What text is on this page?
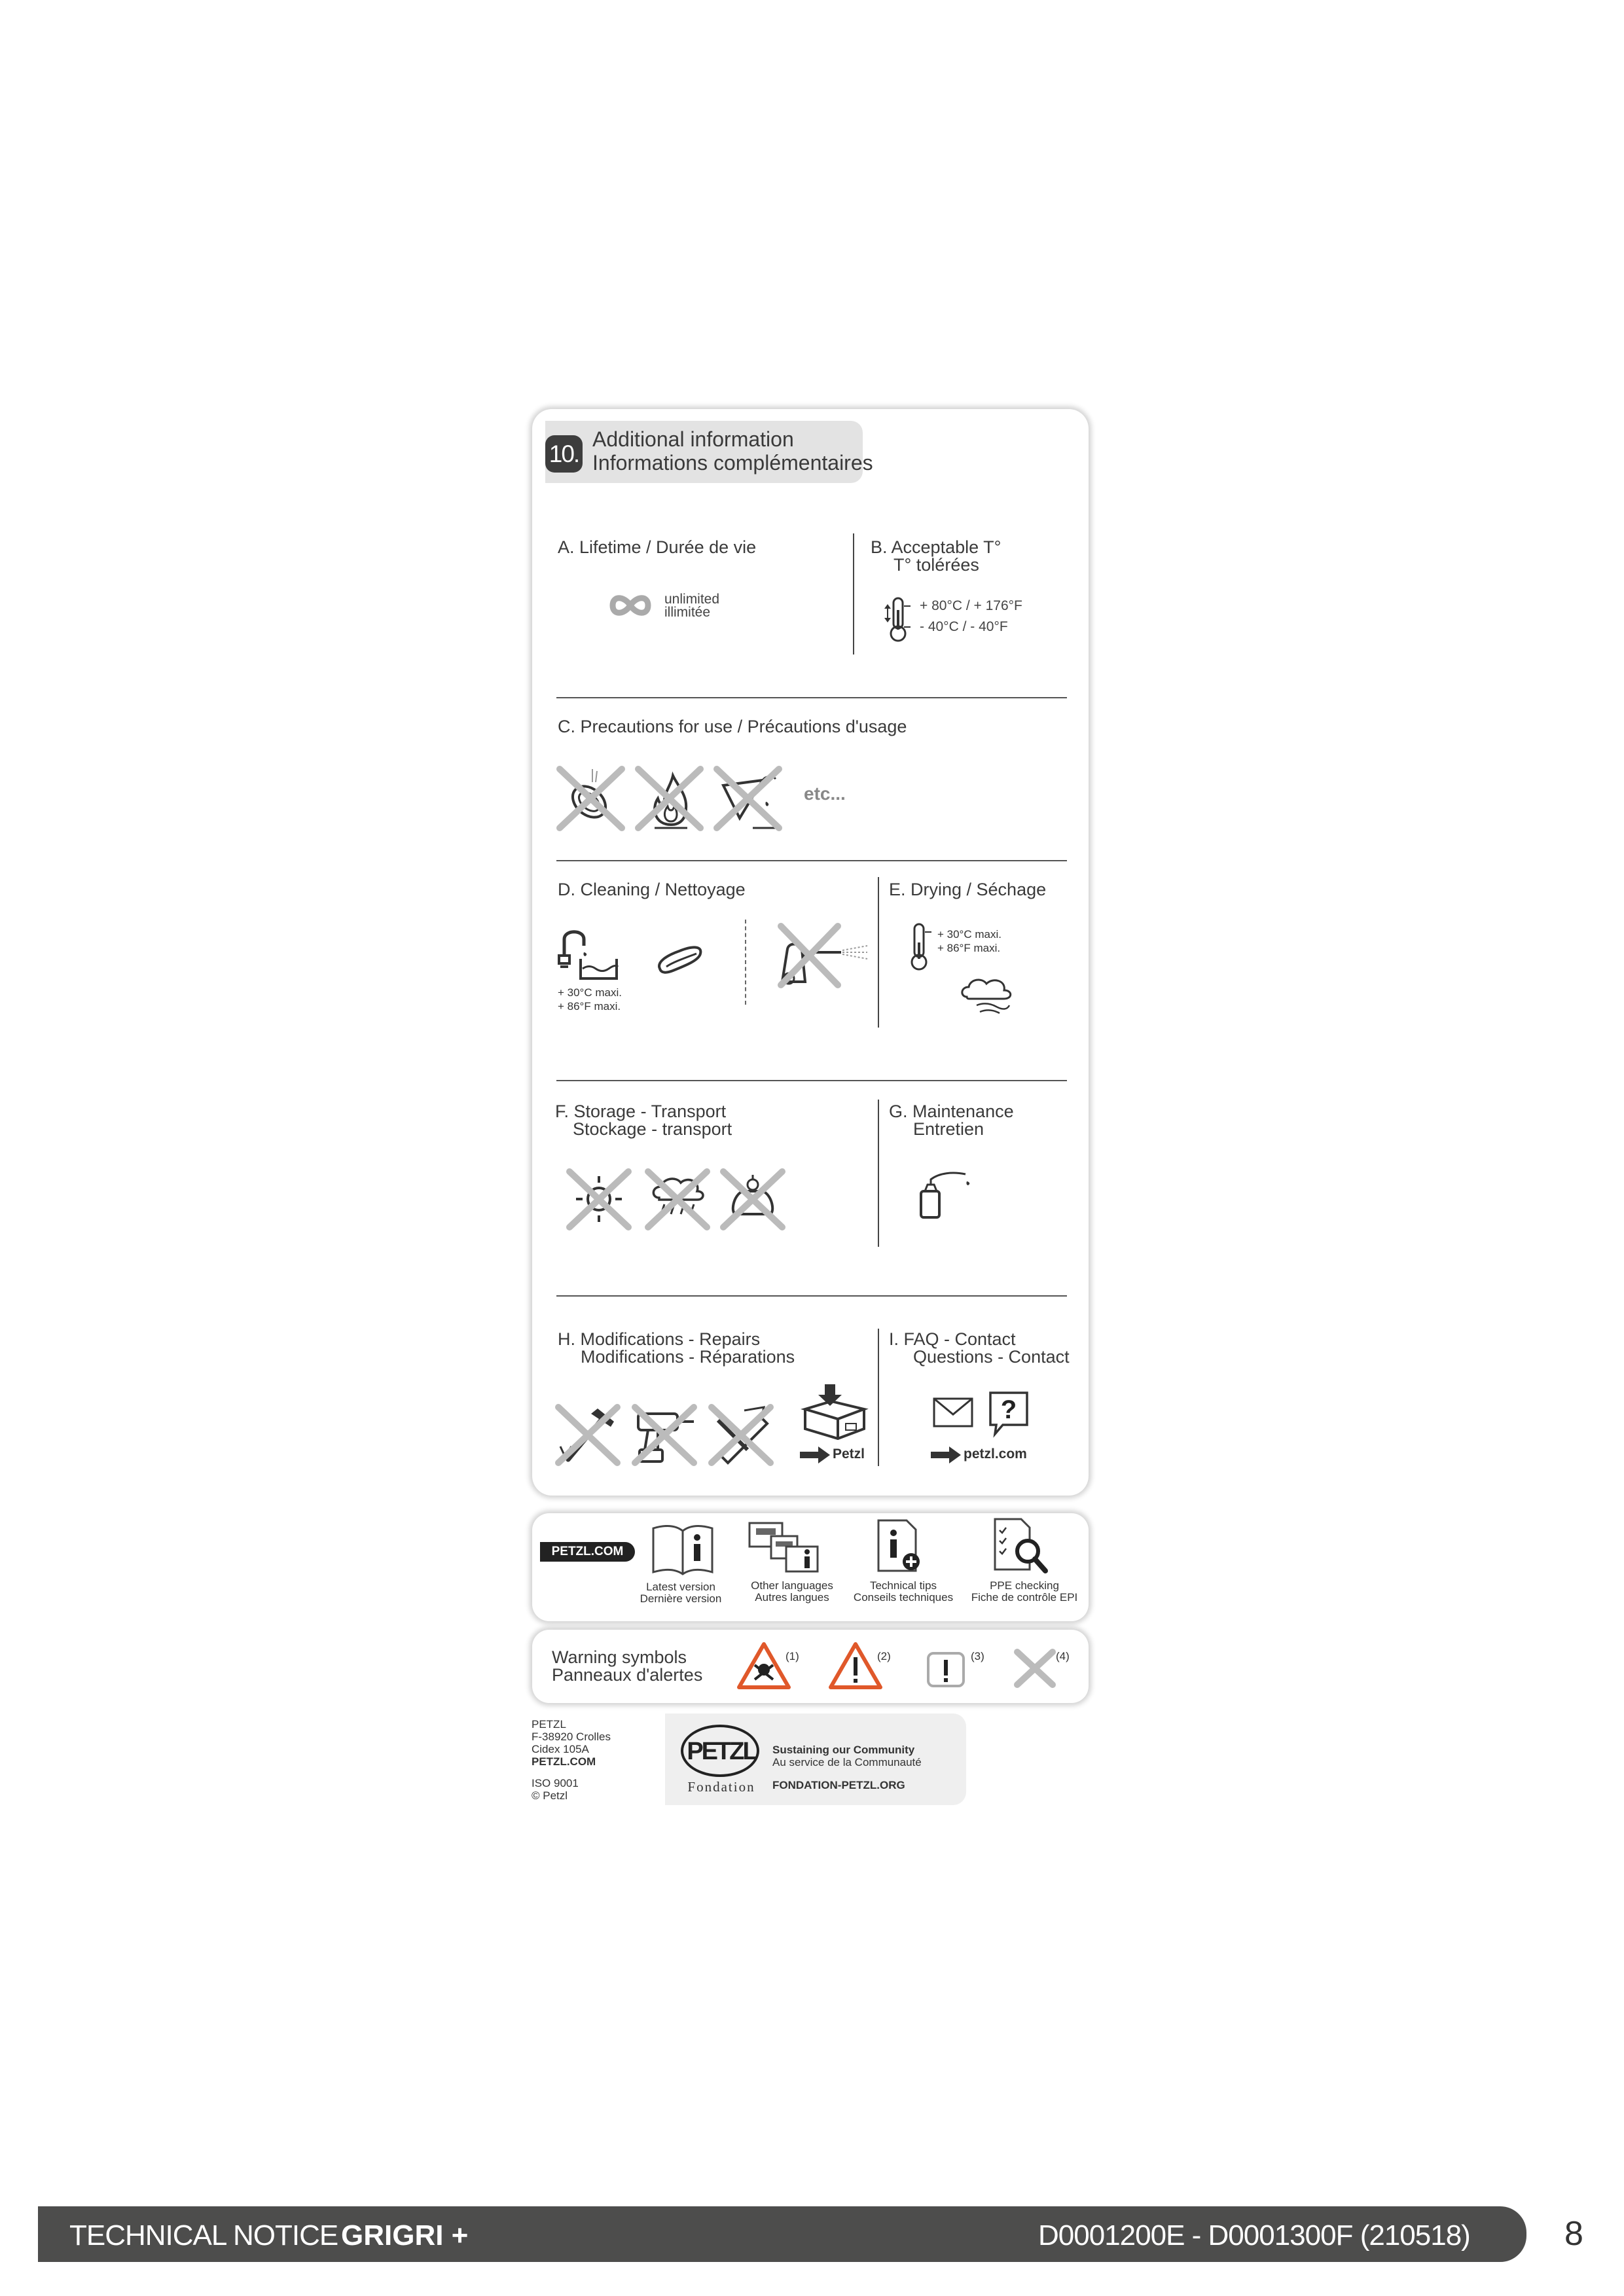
10.
Additional information
Informations complémentaires
A. Lifetime / Durée de vie
unlimited
illimitée
B. Acceptable T°
T° tolérées
+ 80°C / + 176°F
- 40°C / - 40°F
C. Precautions for use / Précautions d'usage
etc...
D. Cleaning / Nettoyage
+ 30°C maxi.
+ 86°F maxi.
E. Drying / Séchage
+ 30°C maxi.
+ 86°F maxi.
F. Storage - Transport
Stockage - transport
G. Maintenance
Entretien
H. Modifications - Repairs
Modifications - Réparations
Petzl
I. FAQ - Contact
Questions - Contact
?
petzl.com
PETZL.COM
Latest version
Dernière version
Other languages
Autres langues
Technical tips
Conseils techniques
PPE checking
Fiche de contrôle EPI
Warning symbols
Panneaux d'alertes
(1)	(2)	(3)	(4)
PETZL
F-38920 Crolles
Cidex 105A
PETZL.COM
ISO 9001
© Petzl
PETZL
Fondation
Sustaining our Community
Au service de la Communauté
FONDATION-PETZL.ORG
TECHNICAL NOTICE
GRIGRI +	D0001200E - D0001300F (210518)	8
